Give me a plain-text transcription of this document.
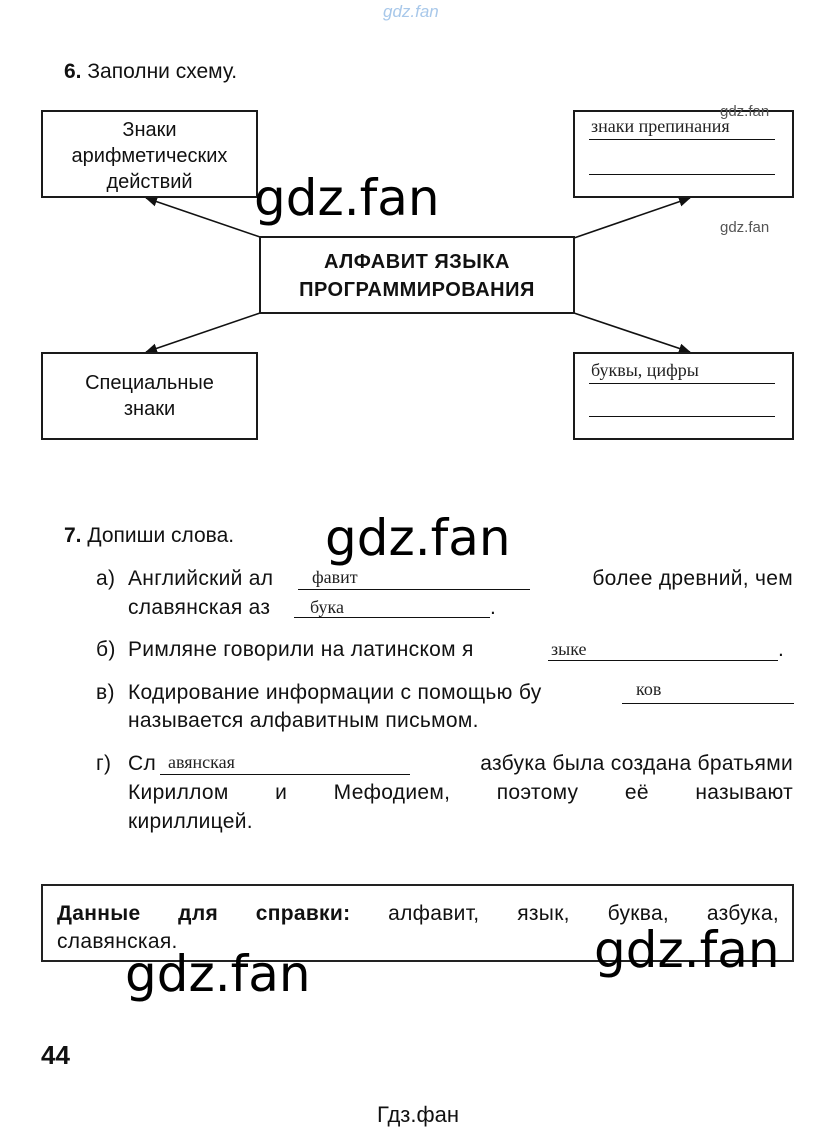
gdz.fan
6. Заполни схему.
Знаки
арифметических
действий
знаки препинания
АЛФАВИТ ЯЗЫКА
ПРОГРАММИРОВАНИЯ
Специальные
знаки
буквы, цифры
7. Допиши слова.
а) Английский ал фавит	более древний, чем
славянская аз бука	.
б) Римляне говорили на латинском я	зыке	.
в) Кодирование информации с помощью бу	ков
называется алфавитным письмом.
г) Сл авянская	азбука была создана братьями
Кириллом и Мефодием, поэтому её называют
кириллицей.
Данные для справки: алфавит, язык, буква, азбука,
славянская.
gdz.fan
gdz.fan
gdz.fan
gdz.fan
gdz.fan
gdz.fan
44
Гдз.фан
